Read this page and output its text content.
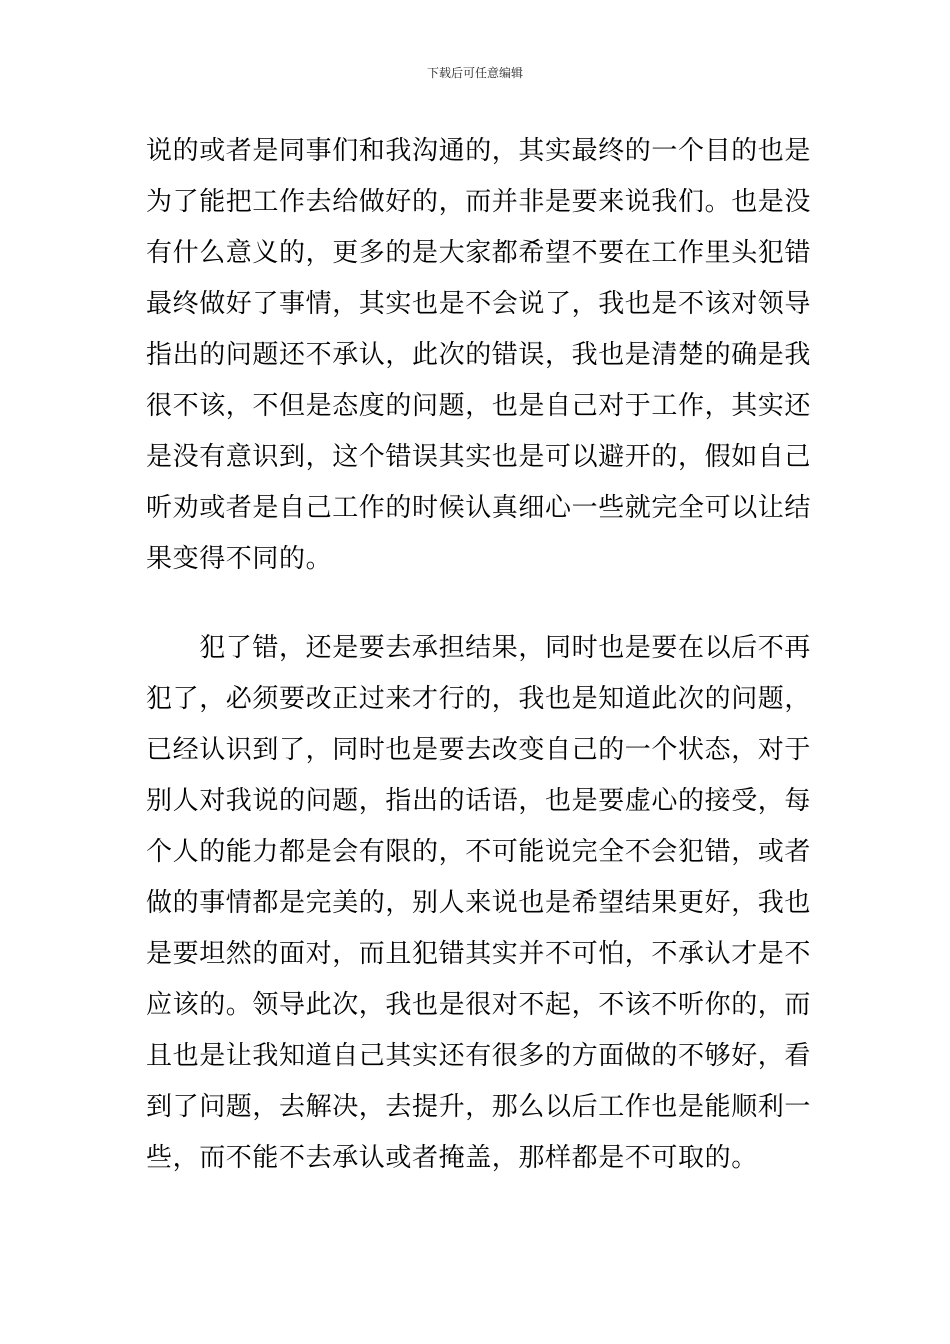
下载后可任意编辑
说的或者是同事们和我沟通的，其实最终的一个目的也是
为了能把工作去给做好的，而并非是要来说我们。也是没
有什么意义的，更多的是大家都希望不要在工作里头犯错
最终做好了事情，其实也是不会说了，我也是不该对领导
指出的问题还不承认，此次的错误，我也是清楚的确是我
很不该，不但是态度的问题，也是自己对于工作，其实还
是没有意识到，这个错误其实也是可以避开的，假如自己
听劝或者是自己工作的时候认真细心一些就完全可以让结
果变得不同的。
　　犯了错，还是要去承担结果，同时也是要在以后不再
犯了，必须要改正过来才行的，我也是知道此次的问题，
已经认识到了，同时也是要去改变自己的一个状态，对于
别人对我说的问题，指出的话语，也是要虚心的接受，每
个人的能力都是会有限的，不可能说完全不会犯错，或者
做的事情都是完美的，别人来说也是希望结果更好，我也
是要坦然的面对，而且犯错其实并不可怕，不承认才是不
应该的。领导此次，我也是很对不起，不该不听你的，而
且也是让我知道自己其实还有很多的方面做的不够好，看
到了问题，去解决，去提升，那么以后工作也是能顺利一
些，而不能不去承认或者掩盖，那样都是不可取的。
